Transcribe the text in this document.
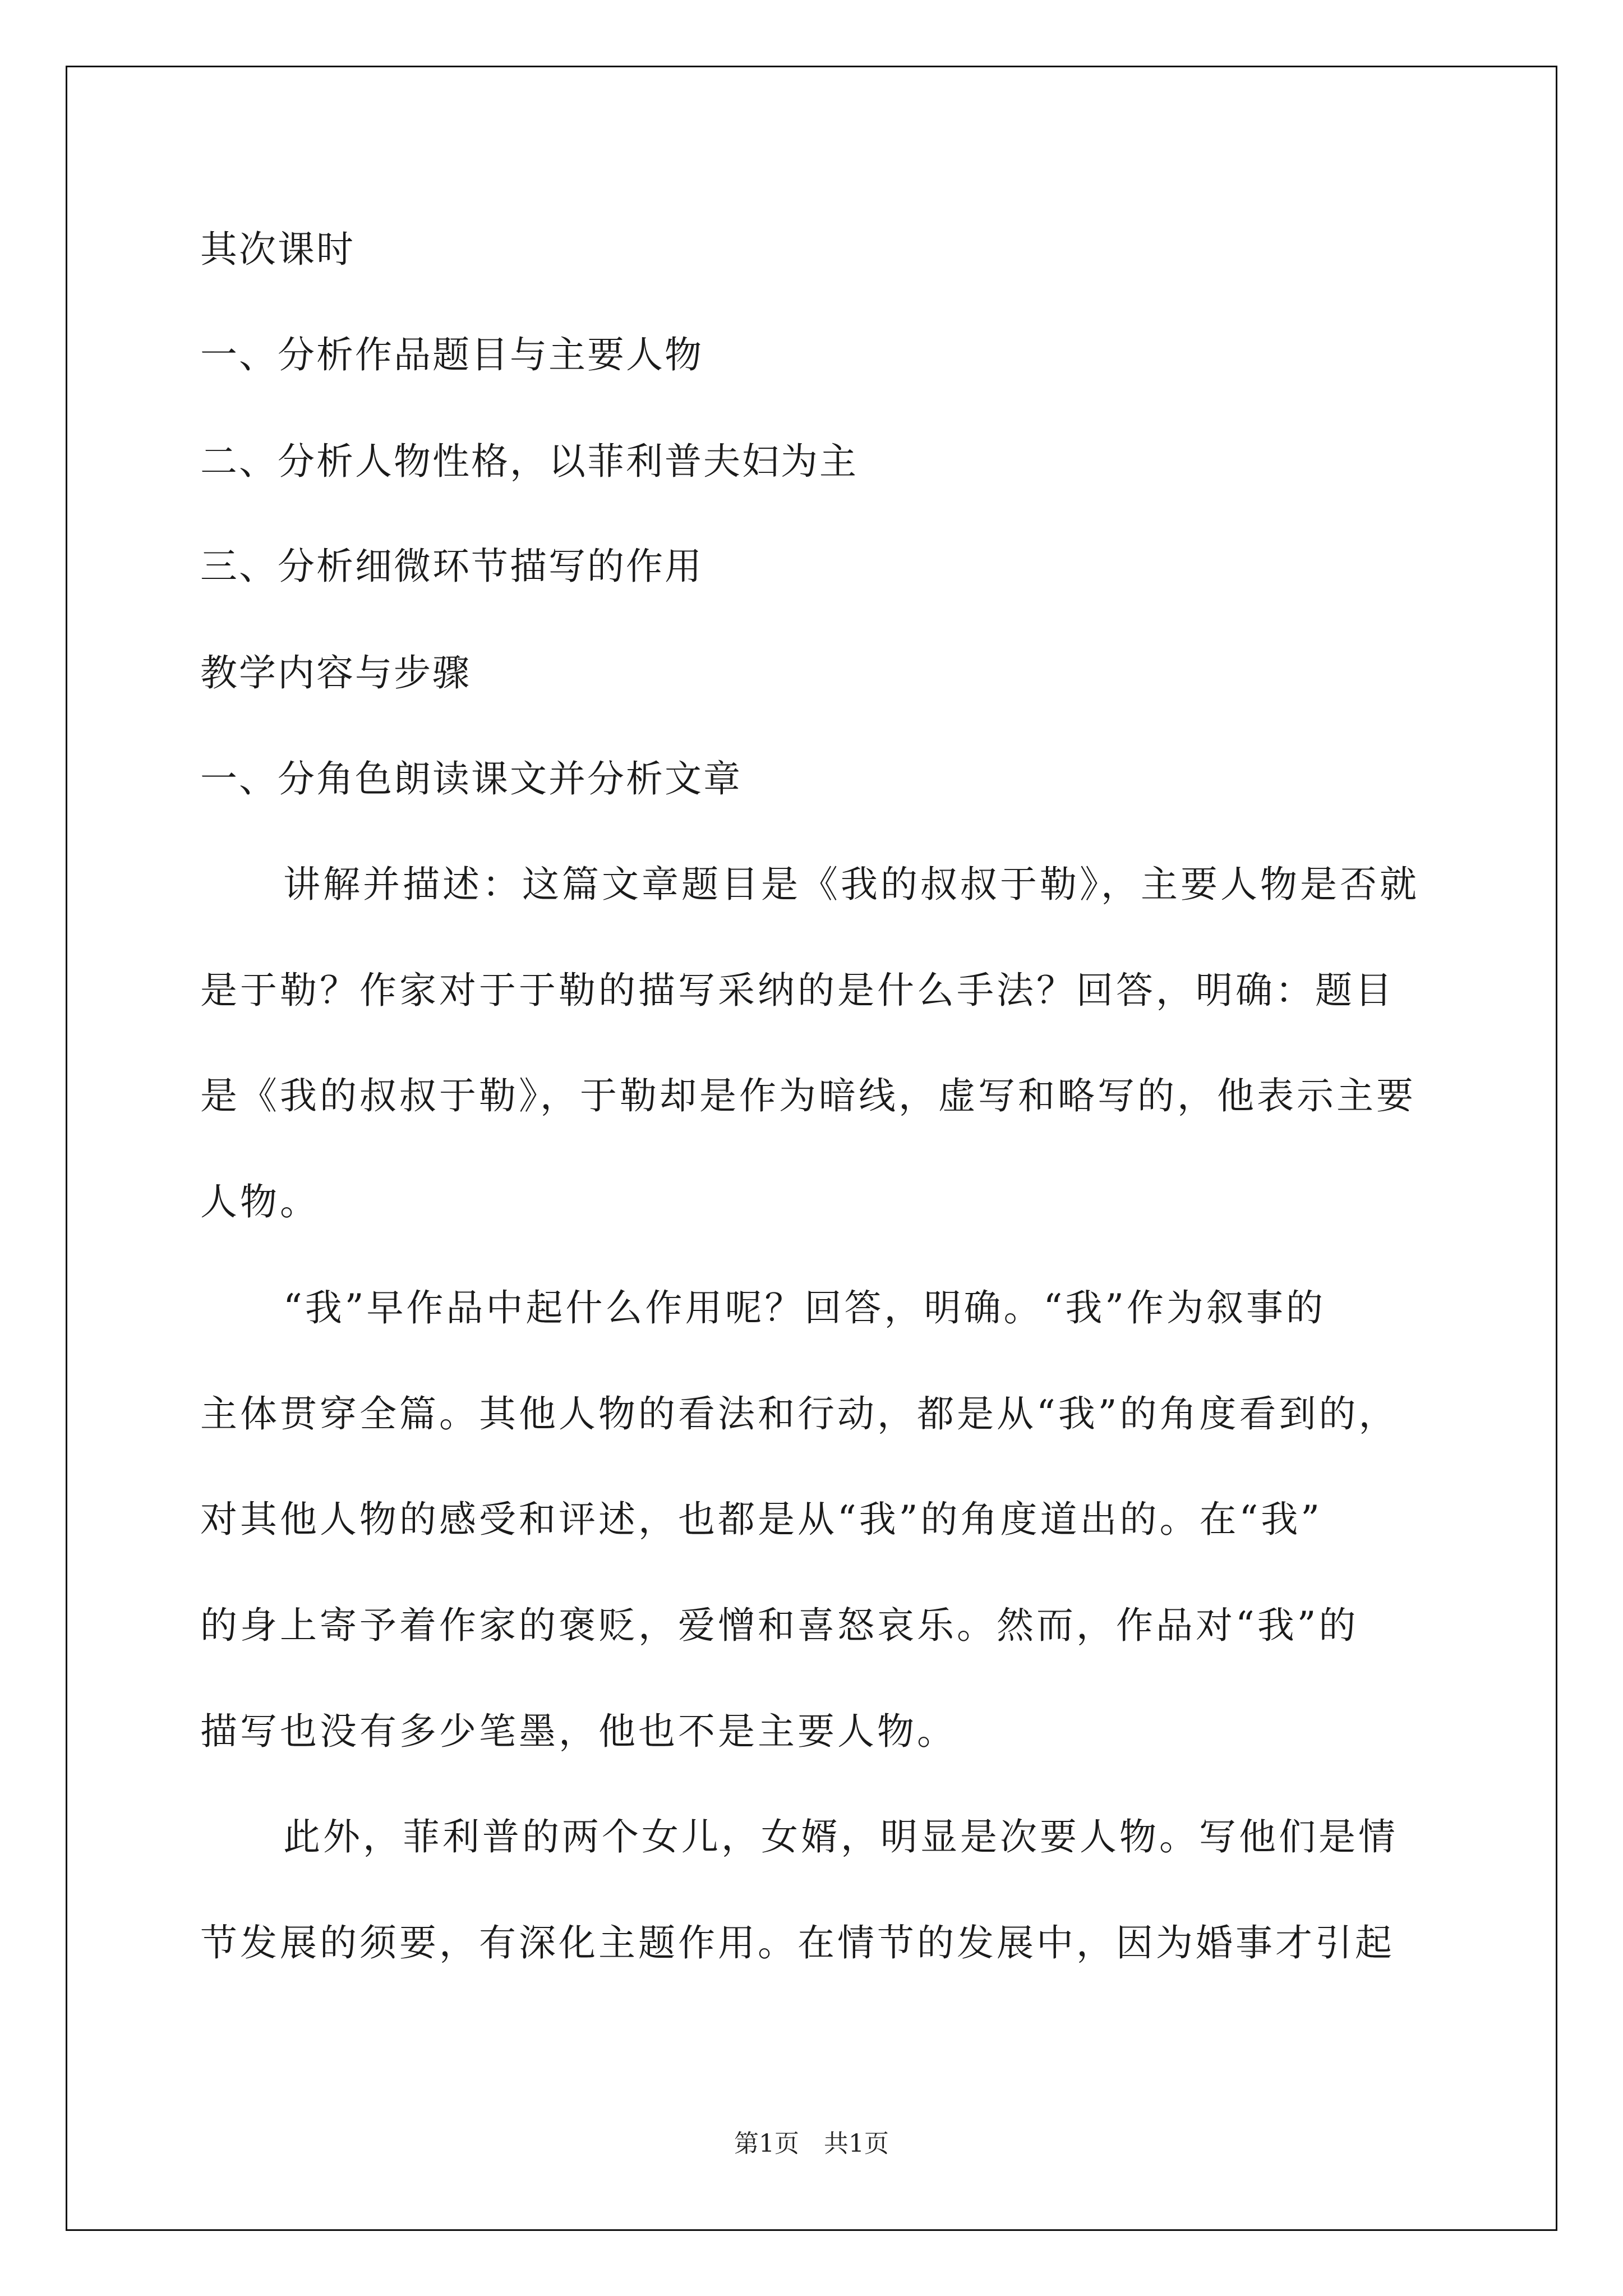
其次课时
一、分析作品题目与主要人物
二、分析人物性格，以菲利普夫妇为主
三、分析细微环节描写的作用
教学内容与步骤
一、分角色朗读课文并分析文章
讲解并描述：这篇文章题目是《我的叔叔于勒》，主要人物是否就
是于勒？作家对于于勒的描写采纳的是什么手法？回答，明确：题目
是《我的叔叔于勒》，于勒却是作为暗线，虚写和略写的，他表示主要
人物。
“我”早作品中起什么作用呢？回答，明确。“我”作为叙事的
主体贯穿全篇。其他人物的看法和行动，都是从“我”的角度看到的，
对其他人物的感受和评述，也都是从“我”的角度道出的。在“我”
的身上寄予着作家的褒贬，爱憎和喜怒哀乐。然而，作品对“我”的
描写也没有多少笔墨，他也不是主要人物。
此外，菲利普的两个女儿，女婿，明显是次要人物。写他们是情
节发展的须要，有深化主题作用。在情节的发展中，因为婚事才引起
第1页　共1页
